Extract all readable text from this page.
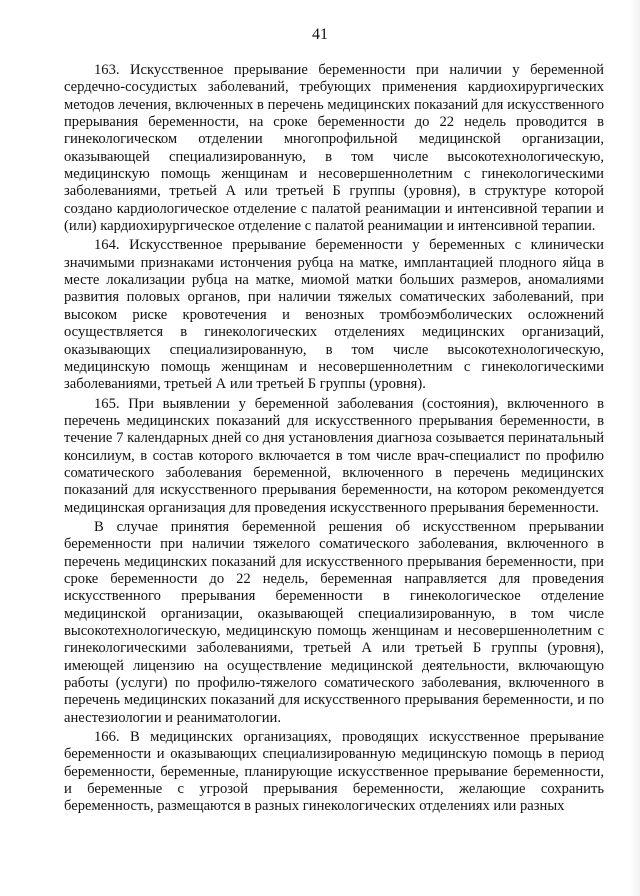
41

163. Искусственное прерывание беременности при наличии у беременной сердечно-сосудистых заболеваний, требующих применения кардиохирургических методов лечения, включенных в перечень медицинских показаний для искусственного прерывания беременности, на сроке беременности до 22 недель проводится в гинекологическом отделении многопрофильной медицинской организации, оказывающей специализированную, в том числе высокотехнологическую, медицинскую помощь женщинам и несовершеннолетним с гинекологическими заболеваниями, третьей А или третьей Б группы (уровня), в структуре которой создано кардиологическое отделение с палатой реанимации и интенсивной терапии и (или) кардиохирургическое отделение с палатой реанимации и интенсивной терапии.

164. Искусственное прерывание беременности у беременных с клинически значимыми признаками истончения рубца на матке, имплантацией плодного яйца в месте локализации рубца на матке, миомой матки больших размеров, аномалиями развития половых органов, при наличии тяжелых соматических заболеваний, при высоком риске кровотечения и венозных тромбоэмболических осложнений осуществляется в гинекологических отделениях медицинских организаций, оказывающих специализированную, в том числе высокотехнологическую, медицинскую помощь женщинам и несовершеннолетним с гинекологическими заболеваниями, третьей А или третьей Б группы (уровня).

165. При выявлении у беременной заболевания (состояния), включенного в перечень медицинских показаний для искусственного прерывания беременности, в течение 7 календарных дней со дня установления диагноза созывается перинатальный консилиум, в состав которого включается в том числе врач-специалист по профилю соматического заболевания беременной, включенного в перечень медицинских показаний для искусственного прерывания беременности, на котором рекомендуется медицинская организация для проведения искусственного прерывания беременности.

В случае принятия беременной решения об искусственном прерывании беременности при наличии тяжелого соматического заболевания, включенного в перечень медицинских показаний для искусственного прерывания беременности, при сроке беременности до 22 недель, беременная направляется для проведения искусственного прерывания беременности в гинекологическое отделение медицинской организации, оказывающей специализированную, в том числе высокотехнологическую, медицинскую помощь женщинам и несовершеннолетним с гинекологическими заболеваниями, третьей А или третьей Б группы (уровня), имеющей лицензию на осуществление медицинской деятельности, включающую работы (услуги) по профилю-тяжелого соматического заболевания, включенного в перечень медицинских показаний для искусственного прерывания беременности, и по анестезиологии и реаниматологии.

166. В медицинских организациях, проводящих искусственное прерывание беременности и оказывающих специализированную медицинскую помощь в период беременности, беременные, планирующие искусственное прерывание беременности, и беременные с угрозой прерывания беременности, желающие сохранить беременность, размещаются в разных гинекологических отделениях или разных
